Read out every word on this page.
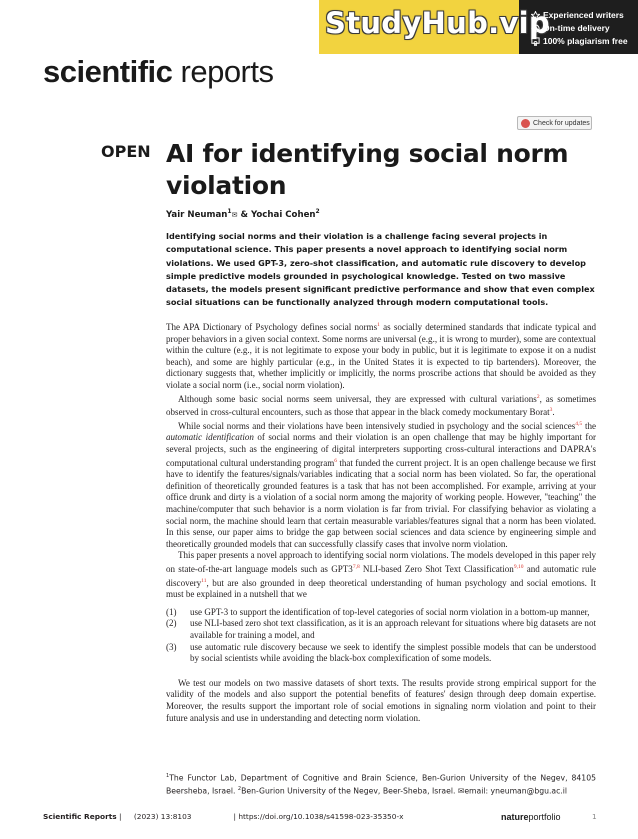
StudyHub.vip
Experienced writers
On-time delivery
100% plagiarism free
scientific reports
Check for updates
OPEN AI for identifying social norm violation
Yair Neuman$^1$✉ & Yochai Cohen$^2$
Identifying social norms and their violation is a challenge facing several projects in computational science. This paper presents a novel approach to identifying social norm violations. We used GPT-3, zero-shot classification, and automatic rule discovery to develop simple predictive models grounded in psychological knowledge. Tested on two massive datasets, the models present significant predictive performance and show that even complex social situations can be functionally analyzed through modern computational tools.

The APA Dictionary of Psychology defines social norms$^1$ as socially determined standards that indicate typical and proper behaviors in a given social context. Some norms are universal (e.g., it is wrong to murder), some are contextual within the culture (e.g., it is not legitimate to expose your body in public, but it is legitimate to expose it on a nudist beach), and some are highly particular (e.g., in the United States it is expected to tip bartenders). Moreover, the dictionary suggests that, whether implicitly or implicitly, the norms proscribe actions that should be avoided as they violate a social norm (i.e., social norm violation).

Although some basic social norms seem universal, they are expressed with cultural variations$^2$, as sometimes observed in cross-cultural encounters, such as those that appear in the black comedy mockumentary Borat$^3$.

While social norms and their violations have been intensively studied in psychology and the social sciences$^{4,5}$ the automatic identification of social norms and their violation is an open challenge that may be highly important for several projects, such as the engineering of digital interpreters supporting cross-cultural interactions and DAPRA's computational cultural understanding program$^6$ that funded the current project. It is an open challenge because we first have to identify the features/signals/variables indicating that a social norm has been violated. So far, the operational definition of theoretically grounded features is a task that has not been accomplished. For example, arriving at your office drunk and dirty is a violation of a social norm among the majority of working people. However, "teaching" the machine/computer that such behavior is a norm violation is far from trivial. For classifying behavior as violating a social norm, the machine should learn that certain measurable variables/features signal that a norm has been violated. In this sense, our paper aims to bridge the gap between social sciences and data science by engineering simple and theoretically grounded models that can successfully classify cases that involve norm violation.

This paper presents a novel approach to identifying social norm violations. The models developed in this paper rely on state-of-the-art language models such as GPT3$^{7,8}$ NLI-based Zero Shot Text Classification$^{9,10}$ and automatic rule discovery$^{11}$, but are also grounded in deep theoretical understanding of human psychology and social emotions. It must be explained in a nutshell that we

(1)	use GPT-3 to support the identification of top-level categories of social norm violation in a bottom-up manner,
(2)	use NLI-based zero shot text classification, as it is an approach relevant for situations where big datasets are not available for training a model, and
(3)	use automatic rule discovery because we seek to identify the simplest possible models that can be understood by social scientists while avoiding the black-box complexification of some models.

We test our models on two massive datasets of short texts. The results provide strong empirical support for the validity of the models and also support the potential benefits of features' design through deep domain expertise. Moreover, the results support the important role of social emotions in signaling norm violation and point to their future analysis and use in understanding and detecting norm violation.

$^1$The Functor Lab, Department of Cognitive and Brain Science, Ben-Gurion University of the Negev, 84105 Beersheba, Israel. $^2$Ben-Gurion University of the Negev, Beer-Sheba, Israel. ✉email: yneuman@bgu.ac.il
Scientific Reports | (2023) 13:8103	| https://doi.org/10.1038/s41598-023-35350-x	natureportfolio	1
